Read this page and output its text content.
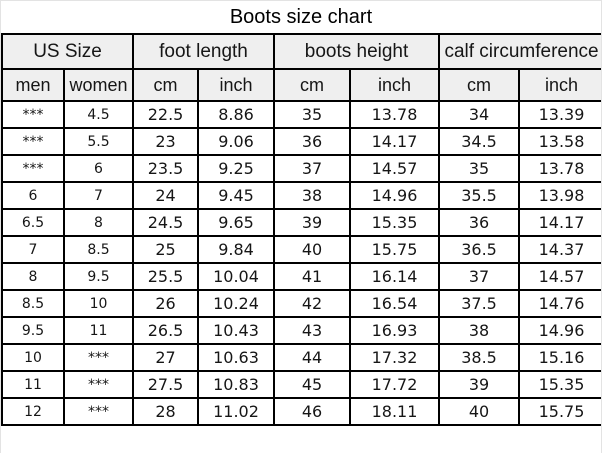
Boots size chart
US Size		foot length		boots height		calf circumference	
men	women	cm	inch	cm	inch	cm	inch
***	4.5	22.5	8.86	35	13.78	34	13.39
***	5.5	23	9.06	36	14.17	34.5	13.58
***	6	23.5	9.25	37	14.57	35	13.78
6	7	24	9.45	38	14.96	35.5	13.98
6.5	8	24.5	9.65	39	15.35	36	14.17
7	8.5	25	9.84	40	15.75	36.5	14.37
8	9.5	25.5	10.04	41	16.14	37	14.57
8.5	10	26	10.24	42	16.54	37.5	14.76
9.5	11	26.5	10.43	43	16.93	38	14.96
10	***	27	10.63	44	17.32	38.5	15.16
11	***	27.5	10.83	45	17.72	39	15.35
12	***	28	11.02	46	18.11	40	15.75
